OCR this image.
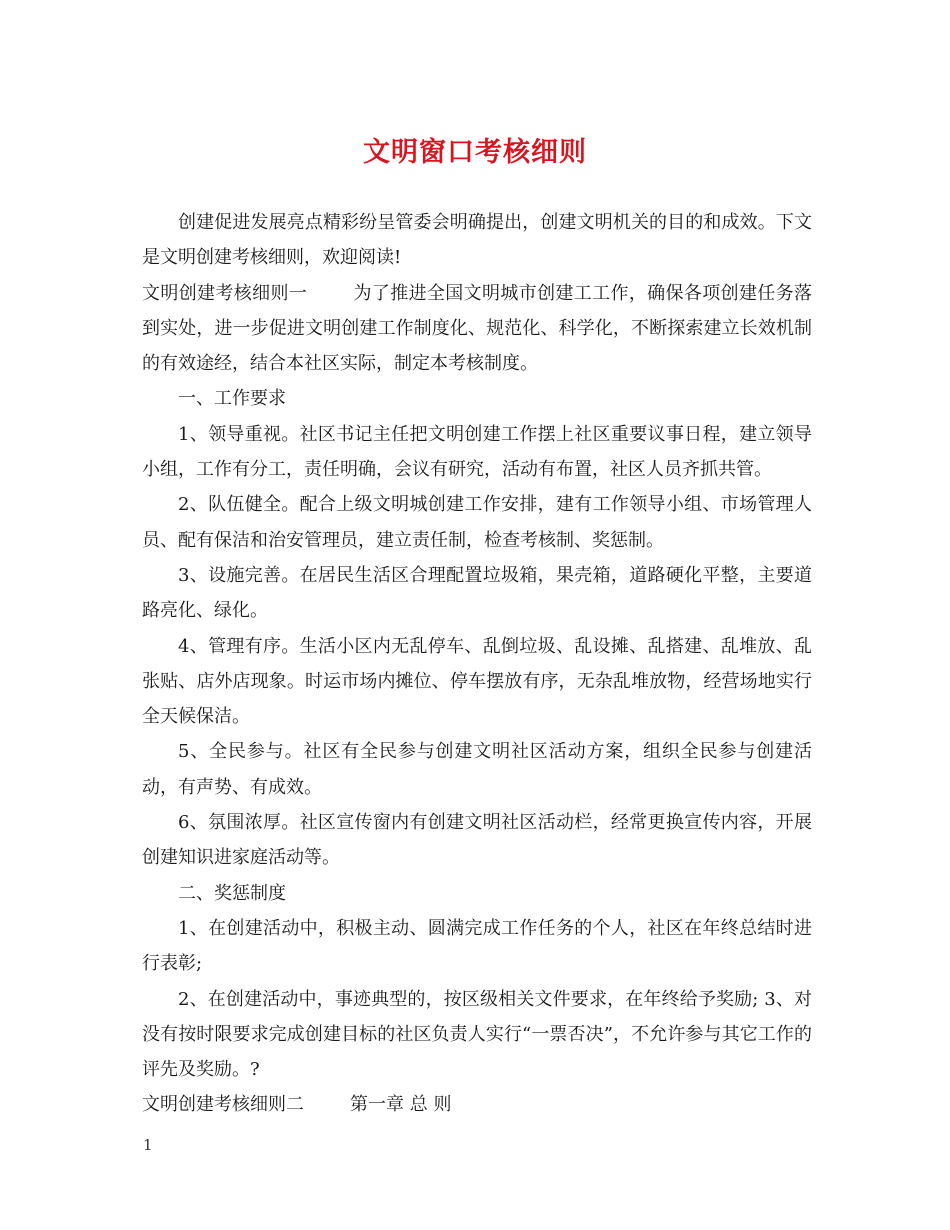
文明窗口考核细则

创建促进发展亮点精彩纷呈管委会明确提出，创建文明机关的目的和成效。下文是文明创建考核细则，欢迎阅读!

文明创建考核细则一	为了推进全国文明城市创建工工作，确保各项创建任务落到实处，进一步促进文明创建工作制度化、规范化、科学化，不断探索建立长效机制的有效途经，结合本社区实际，制定本考核制度。

一、工作要求

1、领导重视。社区书记主任把文明创建工作摆上社区重要议事日程，建立领导小组，工作有分工，责任明确，会议有研究，活动有布置，社区人员齐抓共管。

2、队伍健全。配合上级文明城创建工作安排，建有工作领导小组、市场管理人员、配有保洁和治安管理员，建立责任制，检查考核制、奖惩制。

3、设施完善。在居民生活区合理配置垃圾箱，果壳箱，道路硬化平整，主要道路亮化、绿化。

4、管理有序。生活小区内无乱停车、乱倒垃圾、乱设摊、乱搭建、乱堆放、乱张贴、店外店现象。时运市场内摊位、停车摆放有序，无杂乱堆放物，经营场地实行全天候保洁。

5、全民参与。社区有全民参与创建文明社区活动方案，组织全民参与创建活动，有声势、有成效。

6、氛围浓厚。社区宣传窗内有创建文明社区活动栏，经常更换宣传内容，开展创建知识进家庭活动等。

二、奖惩制度

1、在创建活动中，积极主动、圆满完成工作任务的个人，社区在年终总结时进行表彰;

2、在创建活动中，事迹典型的，按区级相关文件要求，在年终给予奖励; 3、对没有按时限要求完成创建目标的社区负责人实行“一票否决”，不允许参与其它工作的评先及奖励。?

文明创建考核细则二	第一章 总 则

1
